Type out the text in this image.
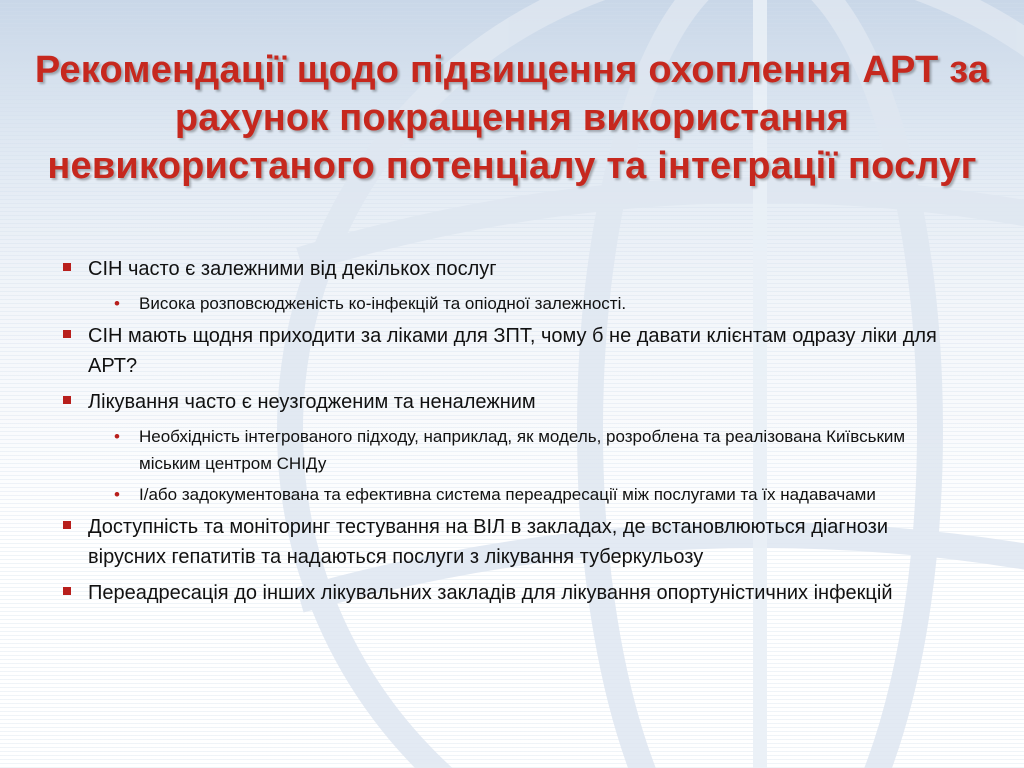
Рекомендації щодо підвищення охоплення АРТ за рахунок покращення використання невикористаного потенціалу та інтеграції послуг
СІН часто є залежними від декількох послуг
• Висока розповсюдженість ко-інфекцій та опіодної залежності.
СІН мають щодня приходити за ліками для ЗПТ, чому б не давати клієнтам одразу ліки для АРТ?
Лікування часто є неузгодженим та неналежним
• Необхідність інтегрованого підходу, наприклад, як модель, розроблена та реалізована Київським міським центром СНІДу
• І/або задокументована та ефективна система переадресації між послугами та їх надавачами
Доступність та моніторинг тестування на ВІЛ в закладах, де встановлюються діагнози вірусних гепатитів та надаються послуги з лікування туберкульозу
Переадресація до інших лікувальних закладів для лікування опортуністичних інфекцій
